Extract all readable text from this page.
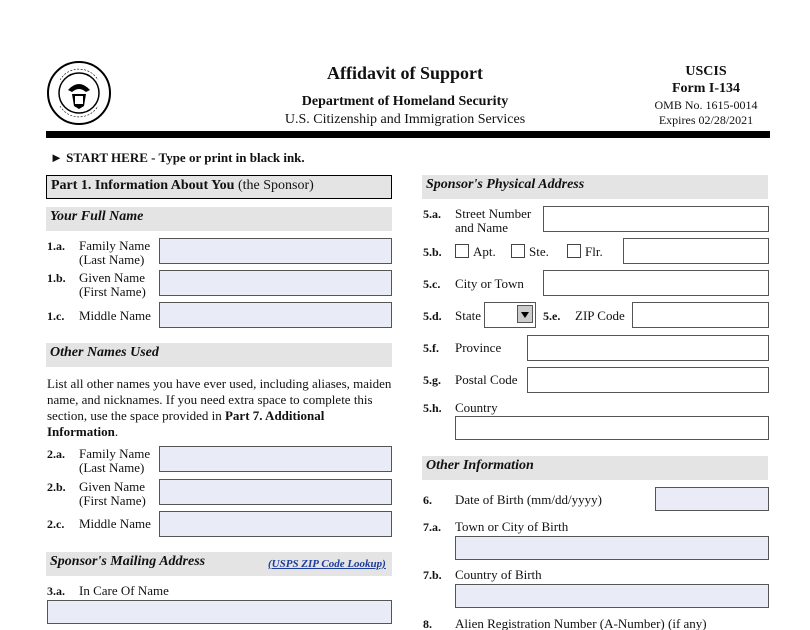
Affidavit of Support
Department of Homeland Security
U.S. Citizenship and Immigration Services
USCIS
Form I-134
OMB No. 1615-0014
Expires 02/28/2021
► START HERE - Type or print in black ink.
Part 1. Information About You (the Sponsor)
Your Full Name
1.a. Family Name
(Last Name)
1.b. Given Name
(First Name)
1.c. Middle Name
Other Names Used
List all other names you have ever used, including aliases, maiden name, and nicknames. If you need extra space to complete this section, use the space provided in Part 7. Additional Information.
2.a. Family Name
(Last Name)
2.b. Given Name
(First Name)
2.c. Middle Name
Sponsor's Mailing Address	(USPS ZIP Code Lookup)
3.a. In Care Of Name
Sponsor's Physical Address
5.a. Street Number
and Name
5.b. Apt.	Ste.	Flr.
5.c. City or Town
5.d. State	5.e. ZIP Code
5.f. Province
5.g. Postal Code
5.h. Country
Other Information
6. Date of Birth (mm/dd/yyyy)
7.a. Town or City of Birth
7.b. Country of Birth
8. Alien Registration Number (A-Number) (if any)
